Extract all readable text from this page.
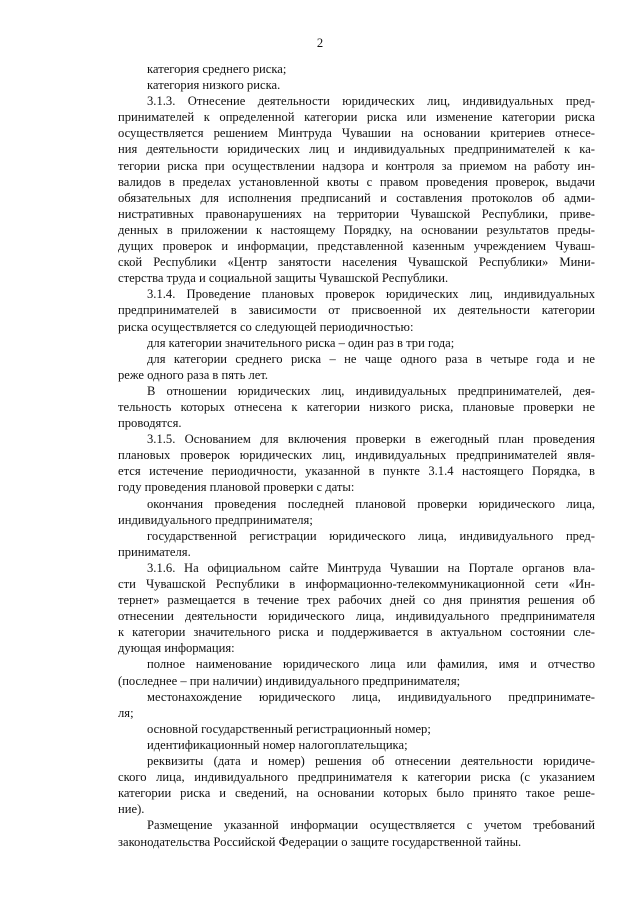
2
категория среднего риска;
категория низкого риска.
3.1.3. Отнесение деятельности юридических лиц, индивидуальных пред-
принимателей к определенной категории риска или изменение категории риска
осуществляется решением Минтруда Чувашии на основании критериев отнесе-
ния деятельности юридических лиц и индивидуальных предпринимателей к ка-
тегории риска при осуществлении надзора и контроля за приемом на работу ин-
валидов в пределах установленной квоты с правом проведения проверок, выдачи
обязательных для исполнения предписаний и составления протоколов об адми-
нистративных правонарушениях на территории Чувашской Республики, приве-
денных в приложении к настоящему Порядку, на основании результатов преды-
дущих проверок и информации, представленной казенным учреждением Чуваш-
ской Республики «Центр занятости населения Чувашской Республики» Мини-
стерства труда и социальной защиты Чувашской Республики.
3.1.4. Проведение плановых проверок юридических лиц, индивидуальных
предпринимателей в зависимости от присвоенной их деятельности категории
риска осуществляется со следующей периодичностью:
для категории значительного риска – один раз в три года;
для категории среднего риска – не чаще одного раза в четыре года и не
реже одного раза в пять лет.
В отношении юридических лиц, индивидуальных предпринимателей, дея-
тельность которых отнесена к категории низкого риска, плановые проверки не
проводятся.
3.1.5. Основанием для включения проверки в ежегодный план проведения
плановых проверок юридических лиц, индивидуальных предпринимателей явля-
ется истечение периодичности, указанной в пункте 3.1.4 настоящего Порядка, в
году проведения плановой проверки с даты:
окончания проведения последней плановой проверки юридического лица,
индивидуального предпринимателя;
государственной регистрации юридического лица, индивидуального пред-
принимателя.
3.1.6. На официальном сайте Минтруда Чувашии на Портале органов вла-
сти Чувашской Республики в информационно-телекоммуникационной сети «Ин-
тернет» размещается в течение трех рабочих дней со дня принятия решения об
отнесении деятельности юридического лица, индивидуального предпринимателя
к категории значительного риска и поддерживается в актуальном состоянии сле-
дующая информация:
полное наименование юридического лица или фамилия, имя и отчество
(последнее – при наличии) индивидуального предпринимателя;
местонахождение юридического лица, индивидуального предпринимате-
ля;
основной государственный регистрационный номер;
идентификационный номер налогоплательщика;
реквизиты (дата и номер) решения об отнесении деятельности юридиче-
ского лица, индивидуального предпринимателя к категории риска (с указанием
категории риска и сведений, на основании которых было принято такое реше-
ние).
Размещение указанной информации осуществляется с учетом требований
законодательства Российской Федерации о защите государственной тайны.
